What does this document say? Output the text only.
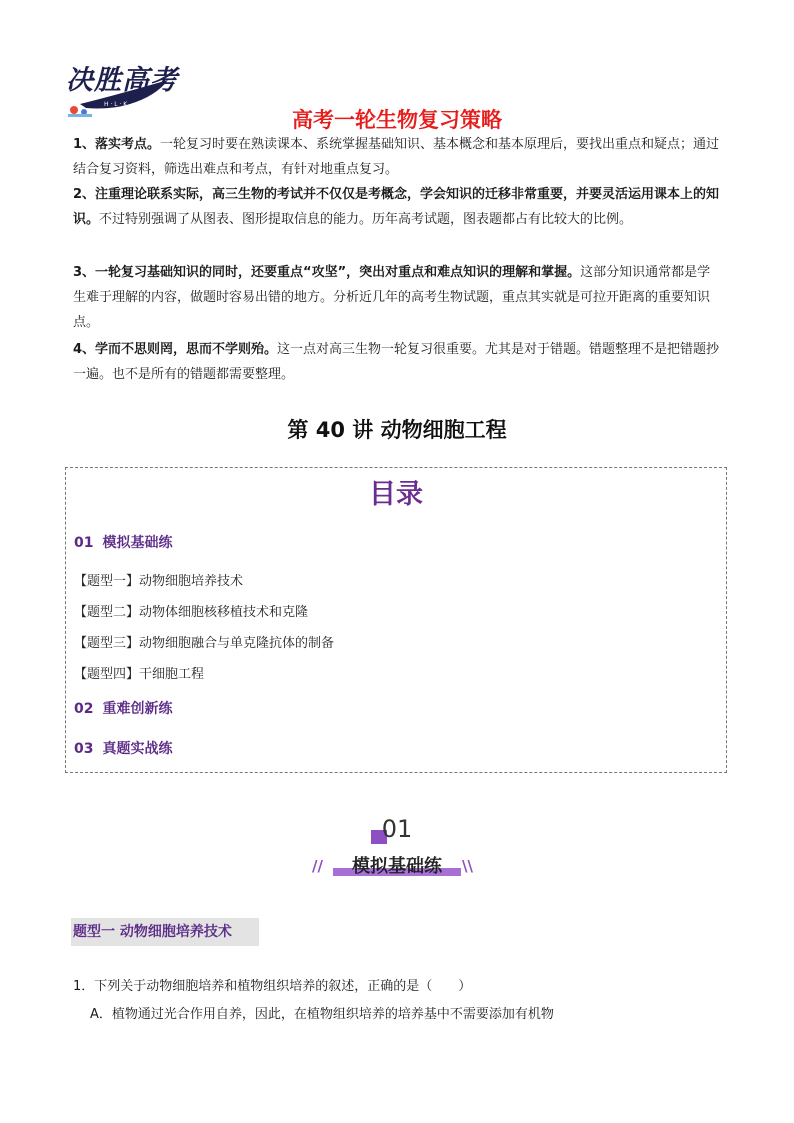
决胜高考
H · L · K
高考一轮生物复习策略

1、落实考点。一轮复习时要在熟读课本、系统掌握基础知识、基本概念和基本原理后，要找出重点和疑点；通过结合复习资料，筛选出难点和考点，有针对地重点复习。

2、注重理论联系实际，高三生物的考试并不仅仅是考概念，学会知识的迁移非常重要，并要灵活运用课本上的知识。不过特别强调了从图表、图形提取信息的能力。历年高考试题，图表题都占有比较大的比例。

3、一轮复习基础知识的同时，还要重点“攻坚”，突出对重点和难点知识的理解和掌握。这部分知识通常都是学生难于理解的内容，做题时容易出错的地方。分析近几年的高考生物试题，重点其实就是可拉开距离的重要知识点。

4、学而不思则罔，思而不学则殆。这一点对高三生物一轮复习很重要。尤其是对于错题。错题整理不是把错题抄一遍。也不是所有的错题都需要整理。

第 40 讲 动物细胞工程
目录
01 模拟基础练
【题型一】动物细胞培养技术
【题型二】动物体细胞核移植技术和克隆
【题型三】动物细胞融合与单克隆抗体的制备
【题型四】干细胞工程
02 重难创新练
03 真题实战练
01
//	模拟基础练	\\
题型一 动物细胞培养技术
1．下列关于动物细胞培养和植物组织培养的叙述，正确的是（　　）
A．植物通过光合作用自养，因此，在植物组织培养的培养基中不需要添加有机物
